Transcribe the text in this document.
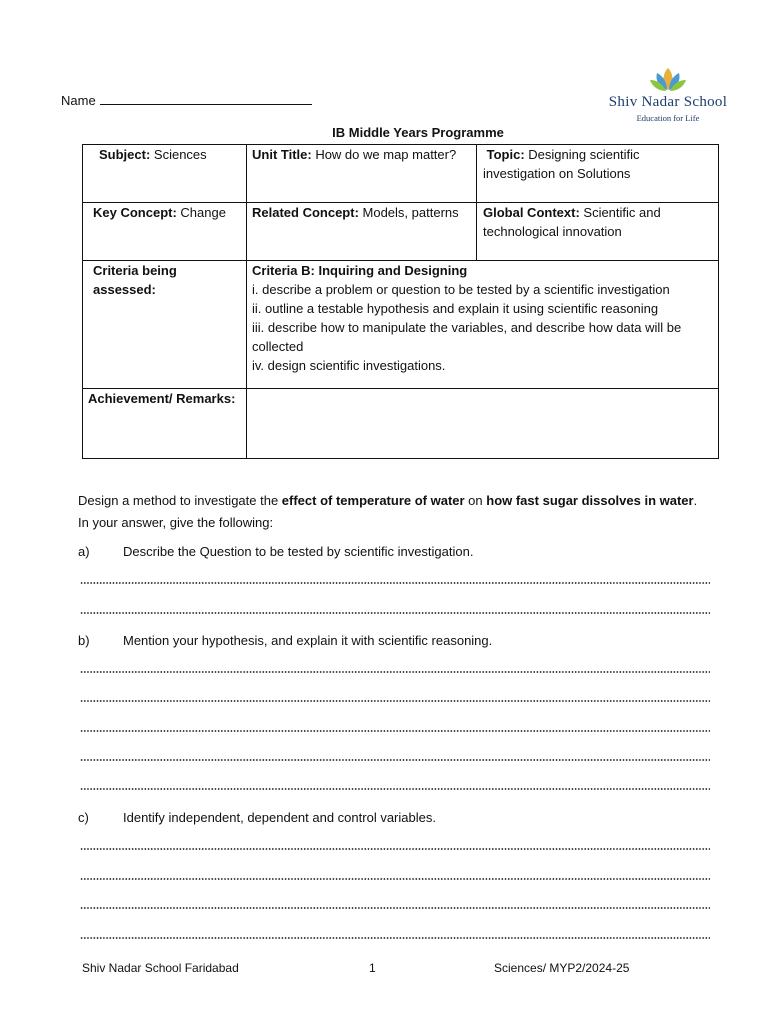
Name	Shiv Nadar School
Education for Life
IB Middle Years Programme
Subject: Sciences	Unit Title: How do we map matter?	Topic: Designing scientific investigation on Solutions
Key Concept: Change	Related Concept: Models, patterns	Global Context: Scientific and technological innovation
Criteria being assessed:	Criteria B: Inquiring and Designing
i. describe a problem or question to be tested by a scientific investigation
ii. outline a testable hypothesis and explain it using scientific reasoning
iii. describe how to manipulate the variables, and describe how data will be collected
iv. design scientific investigations.	

Achievement/ Remarks:		
Design a method to investigate the effect of temperature of water on how fast sugar dissolves in water. In your answer, give the following:
a)	Describe the Question to be tested by scientific investigation.
b)	Mention your hypothesis, and explain it with scientific reasoning.
c)	Identify independent, dependent and control variables.
Shiv Nadar School Faridabad	1	Sciences/ MYP2/2024-25
